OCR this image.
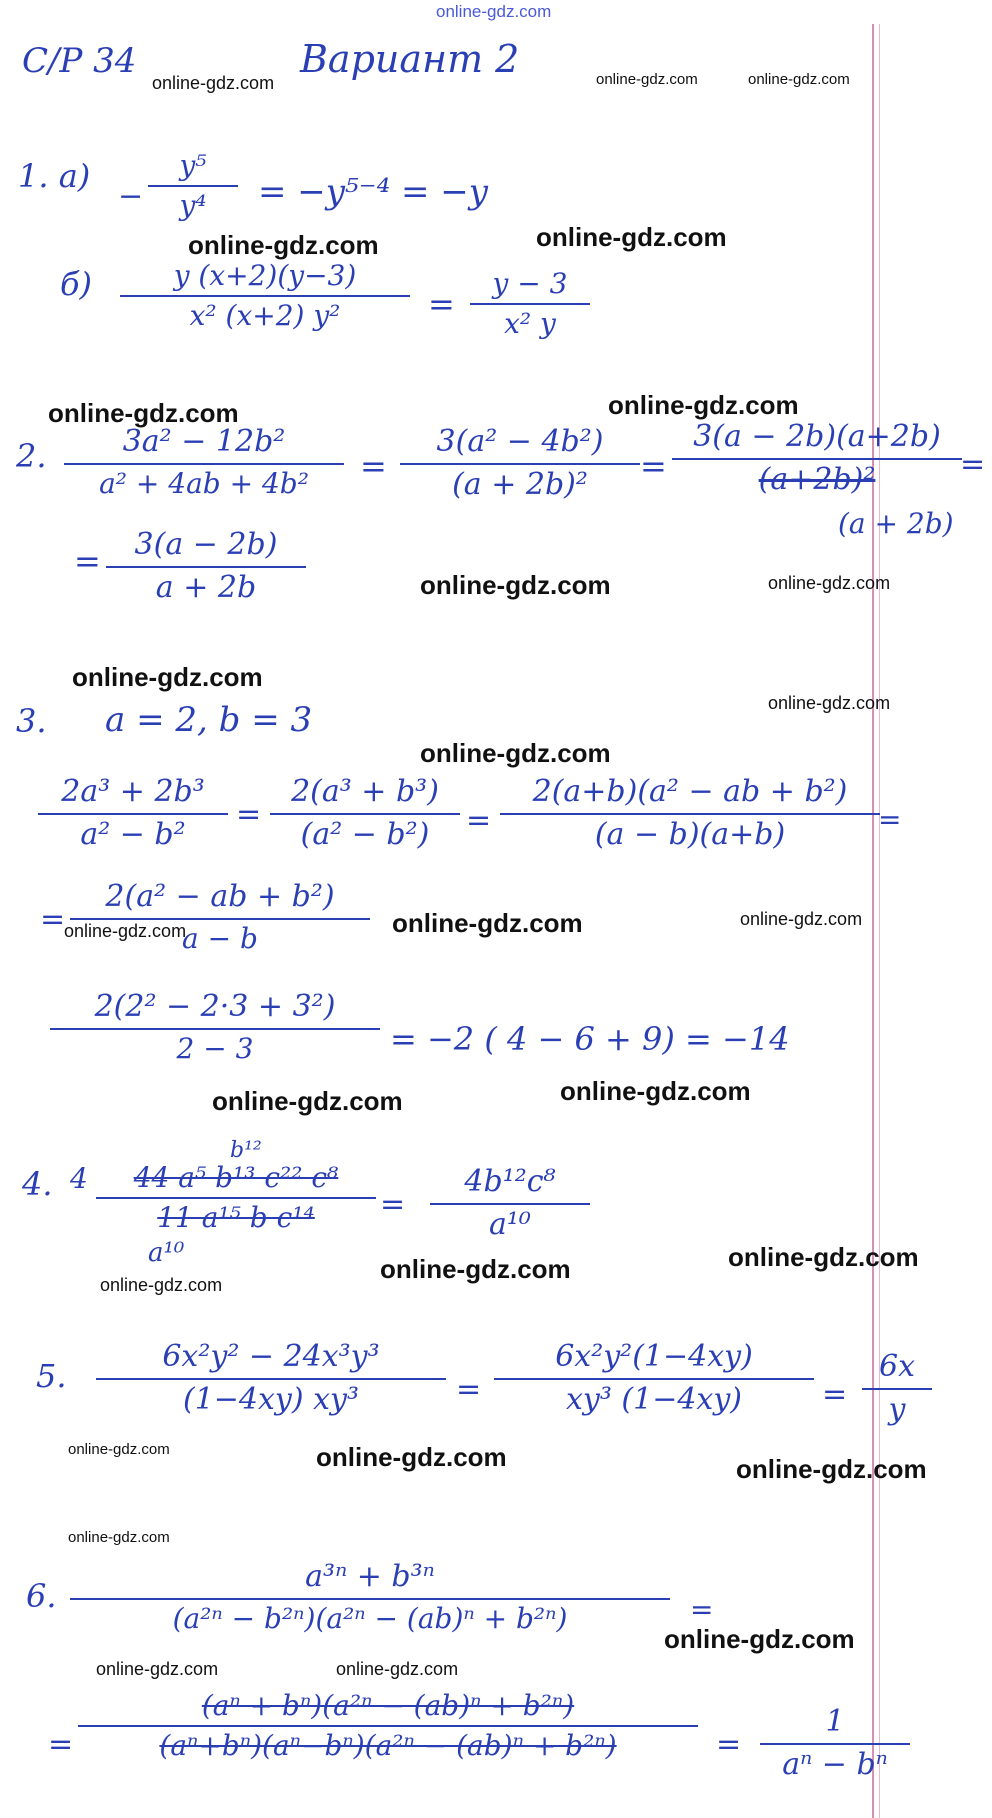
online-gdz.com
С/Р 34	Вариант 2
1. а)
−
y⁵
y⁴	= −y⁵⁻⁴ = −y
б)	y (x+2)(y−3)
x² (x+2) y²	=
y − 3
x² y
2.	3a² − 12b²
a² + 4ab + 4b²	=
3(a² − 4b²)
(a + 2b)²	=
3(a − 2b)(a+2b)
(a+2b)²
(a + 2b)
=
=	3(a − 2b)
a + 2b
3. a = 2, b = 3
2a³ + 2b³
a² − b²
=
2(a³ + b³)
(a² − b²)	=
2(a+b)(a² − ab + b²)
(a − b)(a+b)	=
=
2(a² − ab + b²)
a − b
2(2² − 2·3 + 3²)
2 − 3	= −2 ( 4 − 6 + 9) = −14
4. 4
b¹²
44 a⁵ b¹³ c²² c⁸
11 a¹⁵ b c¹⁴
a¹⁰
=
4b¹²c⁸
a¹⁰
5.
6x²y² − 24x³y³
(1−4xy) xy³	=
6x²y²(1−4xy)
xy³ (1−4xy)	=
6x
y
6.
a³ⁿ + b³ⁿ
(a²ⁿ − b²ⁿ)(a²ⁿ − (ab)ⁿ + b²ⁿ)	=
=
(aⁿ + bⁿ)(a²ⁿ − (ab)ⁿ + b²ⁿ)
(aⁿ+bⁿ)(aⁿ−bⁿ)(a²ⁿ − (ab)ⁿ + b²ⁿ)	=
1
aⁿ − bⁿ
online-gdz.com	online-gdz.com	online-gdz.com
online-gdz.com	online-gdz.com
online-gdz.com	online-gdz.com
online-gdz.com	online-gdz.com
online-gdz.com
online-gdz.com
online-gdz.com
online-gdz.com	online-gdz.com	online-gdz.com
online-gdz.com	online-gdz.com
online-gdz.com
online-gdz.com
online-gdz.com
online-gdz.com	online-gdz.com	online-gdz.com
online-gdz.com
online-gdz.com
online-gdz.com	online-gdz.com
